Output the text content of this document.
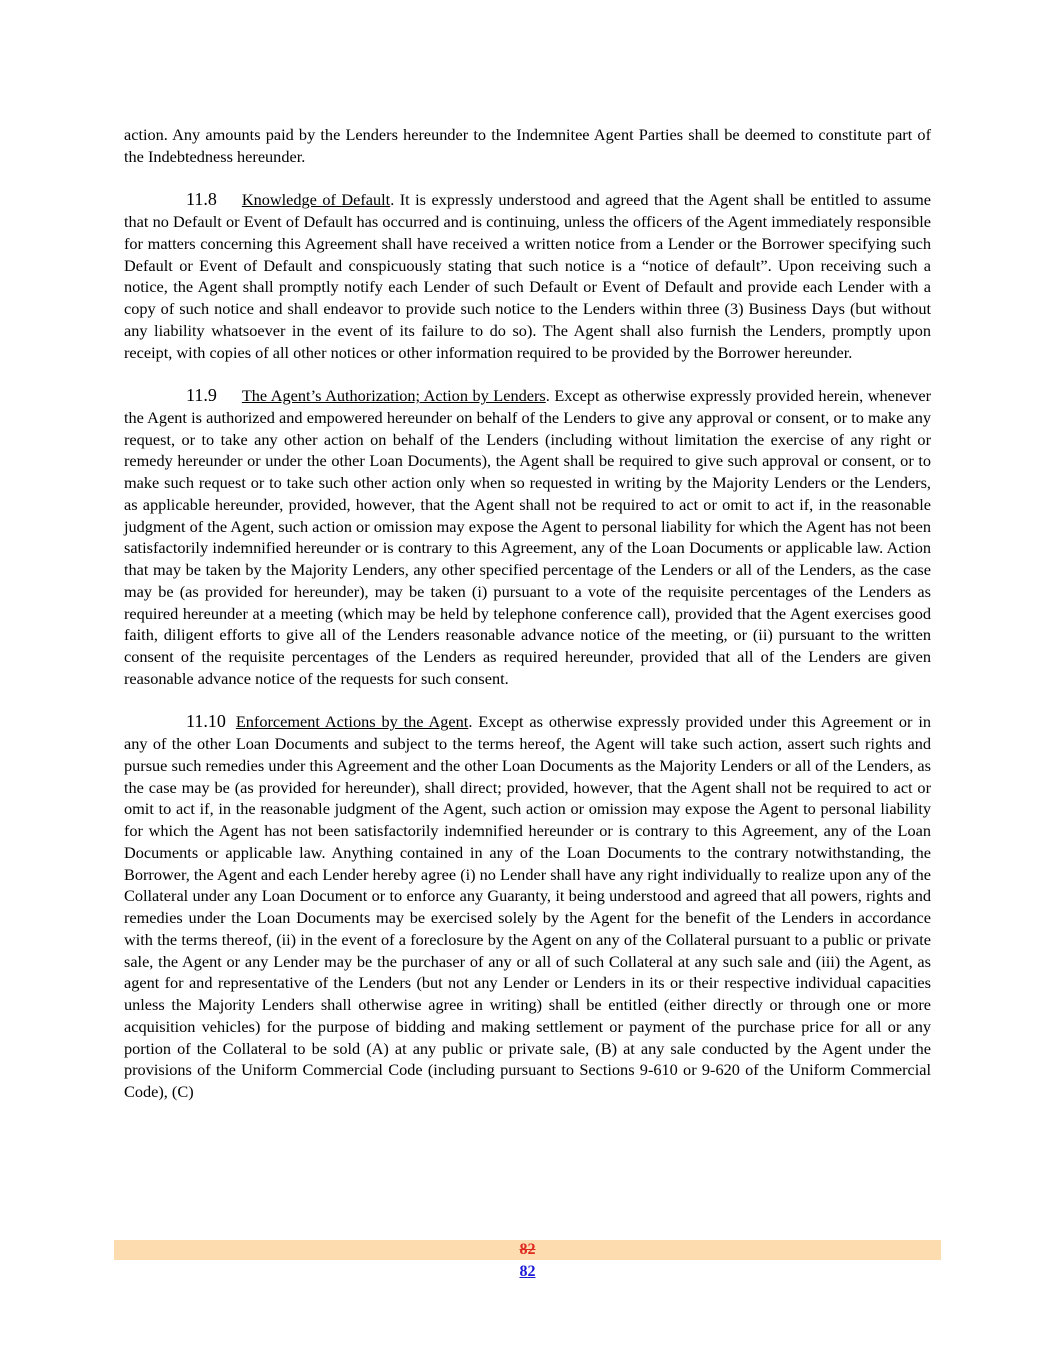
action. Any amounts paid by the Lenders hereunder to the Indemnitee Agent Parties shall be deemed to constitute part of the Indebtedness hereunder.

11.8 Knowledge of Default. It is expressly understood and agreed that the Agent shall be entitled to assume that no Default or Event of Default has occurred and is continuing, unless the officers of the Agent immediately responsible for matters concerning this Agreement shall have received a written notice from a Lender or the Borrower specifying such Default or Event of Default and conspicuously stating that such notice is a “notice of default”. Upon receiving such a notice, the Agent shall promptly notify each Lender of such Default or Event of Default and provide each Lender with a copy of such notice and shall endeavor to provide such notice to the Lenders within three (3) Business Days (but without any liability whatsoever in the event of its failure to do so). The Agent shall also furnish the Lenders, promptly upon receipt, with copies of all other notices or other information required to be provided by the Borrower hereunder.

11.9 The Agent’s Authorization; Action by Lenders. Except as otherwise expressly provided herein, whenever the Agent is authorized and empowered hereunder on behalf of the Lenders to give any approval or consent, or to make any request, or to take any other action on behalf of the Lenders (including without limitation the exercise of any right or remedy hereunder or under the other Loan Documents), the Agent shall be required to give such approval or consent, or to make such request or to take such other action only when so requested in writing by the Majority Lenders or the Lenders, as applicable hereunder, provided, however, that the Agent shall not be required to act or omit to act if, in the reasonable judgment of the Agent, such action or omission may expose the Agent to personal liability for which the Agent has not been satisfactorily indemnified hereunder or is contrary to this Agreement, any of the Loan Documents or applicable law. Action that may be taken by the Majority Lenders, any other specified percentage of the Lenders or all of the Lenders, as the case may be (as provided for hereunder), may be taken (i) pursuant to a vote of the requisite percentages of the Lenders as required hereunder at a meeting (which may be held by telephone conference call), provided that the Agent exercises good faith, diligent efforts to give all of the Lenders reasonable advance notice of the meeting, or (ii) pursuant to the written consent of the requisite percentages of the Lenders as required hereunder, provided that all of the Lenders are given reasonable advance notice of the requests for such consent.

11.10 Enforcement Actions by the Agent. Except as otherwise expressly provided under this Agreement or in any of the other Loan Documents and subject to the terms hereof, the Agent will take such action, assert such rights and pursue such remedies under this Agreement and the other Loan Documents as the Majority Lenders or all of the Lenders, as the case may be (as provided for hereunder), shall direct; provided, however, that the Agent shall not be required to act or omit to act if, in the reasonable judgment of the Agent, such action or omission may expose the Agent to personal liability for which the Agent has not been satisfactorily indemnified hereunder or is contrary to this Agreement, any of the Loan Documents or applicable law. Anything contained in any of the Loan Documents to the contrary notwithstanding, the Borrower, the Agent and each Lender hereby agree (i) no Lender shall have any right individually to realize upon any of the Collateral under any Loan Document or to enforce any Guaranty, it being understood and agreed that all powers, rights and remedies under the Loan Documents may be exercised solely by the Agent for the benefit of the Lenders in accordance with the terms thereof, (ii) in the event of a foreclosure by the Agent on any of the Collateral pursuant to a public or private sale, the Agent or any Lender may be the purchaser of any or all of such Collateral at any such sale and (iii) the Agent, as agent for and representative of the Lenders (but not any Lender or Lenders in its or their respective individual capacities unless the Majority Lenders shall otherwise agree in writing) shall be entitled (either directly or through one or more acquisition vehicles) for the purpose of bidding and making settlement or payment of the purchase price for all or any portion of the Collateral to be sold (A) at any public or private sale, (B) at any sale conducted by the Agent under the provisions of the Uniform Commercial Code (including pursuant to Sections 9-610 or 9-620 of the Uniform Commercial Code), (C)

82
82
